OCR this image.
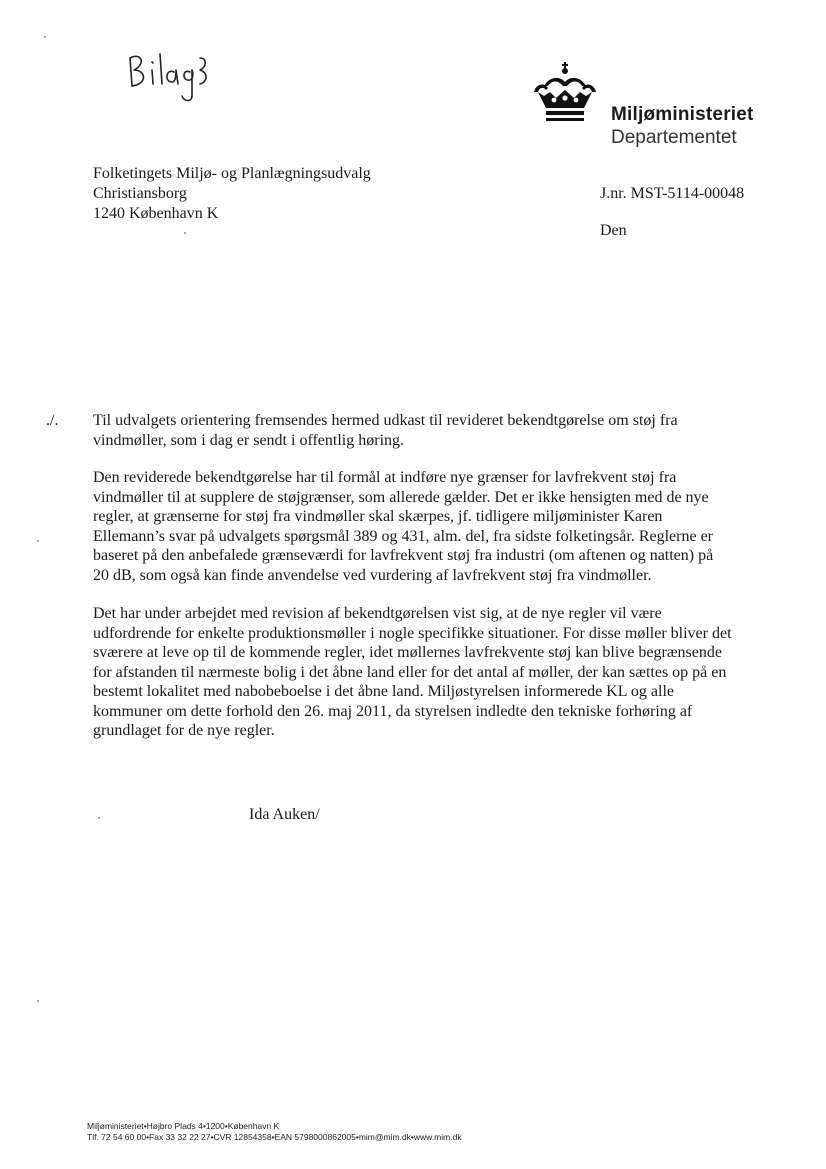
Miljøministeriet
Departementet
Folketingets Miljø- og Planlægningsudvalg
Christiansborg
1240 København K
J.nr. MST-5114-00048
Den
./. Til udvalgets orientering fremsendes hermed udkast til revideret bekendtgørelse om støj fra vindmøller, som i dag er sendt i offentlig høring.

Den reviderede bekendtgørelse har til formål at indføre nye grænser for lavfrekvent støj fra vindmøller til at supplere de støjgrænser, som allerede gælder. Det er ikke hensigten med de nye regler, at grænserne for støj fra vindmøller skal skærpes, jf. tidligere miljøminister Karen Ellemann’s svar på udvalgets spørgsmål 389 og 431, alm. del, fra sidste folketingsår. Reglerne er baseret på den anbefalede grænseværdi for lavfrekvent støj fra industri (om aftenen og natten) på 20 dB, som også kan finde anvendelse ved vurdering af lavfrekvent støj fra vindmøller.

Det har under arbejdet med revision af bekendtgørelsen vist sig, at de nye regler vil være udfordrende for enkelte produktionsmøller i nogle specifikke situationer. For disse møller bliver det sværere at leve op til de kommende regler, idet møllernes lavfrekvente støj kan blive begrænsende for afstanden til nærmeste bolig i det åbne land eller for det antal af møller, der kan sættes op på en bestemt lokalitet med nabobeboelse i det åbne land. Miljøstyrelsen informerede KL og alle kommuner om dette forhold den 26. maj 2011, da styrelsen indledte den tekniske forhøring af grundlaget for de nye regler.

Ida Auken/
Miljøministeriet•Højbro Plads 4•1200•København K
Tlf. 72 54 60 00•Fax 33 32 22 27•CVR 12854358•EAN 5798000862005•mim@mim.dk•www.mim.dk
